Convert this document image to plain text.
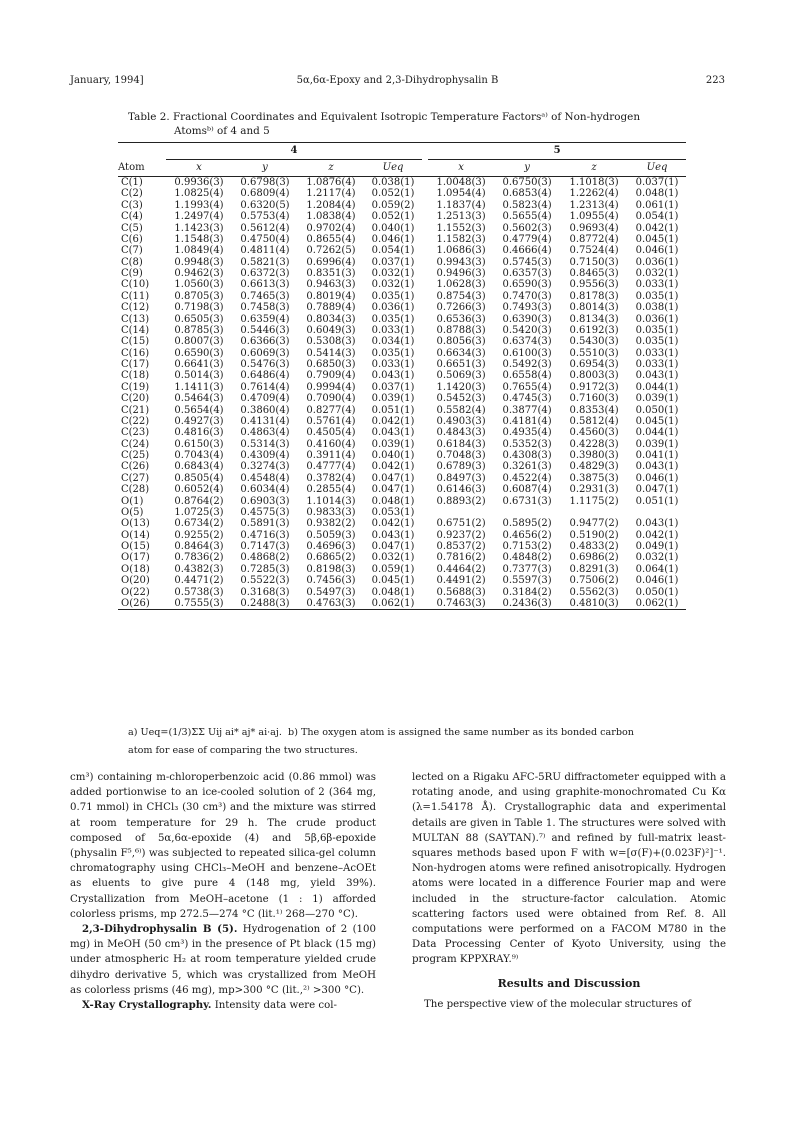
January, 1994]	5α,6α-Epoxy and 2,3-Dihydrophysalin B	223
Table 2. Fractional Coordinates and Equivalent Isotropic Temperature Factorsᵃ⁾ of Non-hydrogen
Atomsᵇ⁾ of 4 and 5

	4					5			

Atom	x	y	z	Ueq		x	y	z	Ueq
C(1)	0.9936(3)	0.6798(3)	1.0876(4)	0.038(1)		1.0048(3)	0.6750(3)	1.1018(3)	0.037(1)
C(2)	1.0825(4)	0.6809(4)	1.2117(4)	0.052(1)		1.0954(4)	0.6853(4)	1.2262(4)	0.048(1)
C(3)	1.1993(4)	0.6320(5)	1.2084(4)	0.059(2)		1.1837(4)	0.5823(4)	1.2313(4)	0.061(1)
C(4)	1.2497(4)	0.5753(4)	1.0838(4)	0.052(1)		1.2513(3)	0.5655(4)	1.0955(4)	0.054(1)
C(5)	1.1423(3)	0.5612(4)	0.9702(4)	0.040(1)		1.1552(3)	0.5602(3)	0.9693(4)	0.042(1)
C(6)	1.1548(3)	0.4750(4)	0.8655(4)	0.046(1)		1.1582(3)	0.4779(4)	0.8772(4)	0.045(1)
C(7)	1.0849(4)	0.4811(4)	0.7262(5)	0.054(1)		1.0686(3)	0.4666(4)	0.7524(4)	0.046(1)
C(8)	0.9948(3)	0.5821(3)	0.6996(4)	0.037(1)		0.9943(3)	0.5745(3)	0.7150(3)	0.036(1)
C(9)	0.9462(3)	0.6372(3)	0.8351(3)	0.032(1)		0.9496(3)	0.6357(3)	0.8465(3)	0.032(1)
C(10)	1.0560(3)	0.6613(3)	0.9463(3)	0.032(1)		1.0628(3)	0.6590(3)	0.9556(3)	0.033(1)
C(11)	0.8705(3)	0.7465(3)	0.8019(4)	0.035(1)		0.8754(3)	0.7470(3)	0.8178(3)	0.035(1)
C(12)	0.7198(3)	0.7458(3)	0.7889(4)	0.036(1)		0.7266(3)	0.7493(3)	0.8014(3)	0.038(1)
C(13)	0.6505(3)	0.6359(4)	0.8034(3)	0.035(1)		0.6536(3)	0.6390(3)	0.8134(3)	0.036(1)
C(14)	0.8785(3)	0.5446(3)	0.6049(3)	0.033(1)		0.8788(3)	0.5420(3)	0.6192(3)	0.035(1)
C(15)	0.8007(3)	0.6366(3)	0.5308(3)	0.034(1)		0.8056(3)	0.6374(3)	0.5430(3)	0.035(1)
C(16)	0.6590(3)	0.6069(3)	0.5414(3)	0.035(1)		0.6634(3)	0.6100(3)	0.5510(3)	0.033(1)
C(17)	0.6641(3)	0.5476(3)	0.6850(3)	0.033(1)		0.6651(3)	0.5492(3)	0.6954(3)	0.033(1)
C(18)	0.5014(3)	0.6486(4)	0.7909(4)	0.043(1)		0.5069(3)	0.6558(4)	0.8003(3)	0.043(1)
C(19)	1.1411(3)	0.7614(4)	0.9994(4)	0.037(1)		1.1420(3)	0.7655(4)	0.9172(3)	0.044(1)
C(20)	0.5464(3)	0.4709(4)	0.7090(4)	0.039(1)		0.5452(3)	0.4745(3)	0.7160(3)	0.039(1)
C(21)	0.5654(4)	0.3860(4)	0.8277(4)	0.051(1)		0.5582(4)	0.3877(4)	0.8353(4)	0.050(1)
C(22)	0.4927(3)	0.4131(4)	0.5761(4)	0.042(1)		0.4903(3)	0.4181(4)	0.5812(4)	0.045(1)
C(23)	0.4816(3)	0.4863(4)	0.4505(4)	0.043(1)		0.4843(3)	0.4935(4)	0.4560(3)	0.044(1)
C(24)	0.6150(3)	0.5314(3)	0.4160(4)	0.039(1)		0.6184(3)	0.5352(3)	0.4228(3)	0.039(1)
C(25)	0.7043(4)	0.4309(4)	0.3911(4)	0.040(1)		0.7048(3)	0.4308(3)	0.3980(3)	0.041(1)
C(26)	0.6843(4)	0.3274(3)	0.4777(4)	0.042(1)		0.6789(3)	0.3261(3)	0.4829(3)	0.043(1)
C(27)	0.8505(4)	0.4548(4)	0.3782(4)	0.047(1)		0.8497(3)	0.4522(4)	0.3875(3)	0.046(1)
C(28)	0.6052(4)	0.6034(4)	0.2855(4)	0.047(1)		0.6146(3)	0.6087(4)	0.2931(3)	0.047(1)
O(1)	0.8764(2)	0.6903(3)	1.1014(3)	0.048(1)		0.8893(2)	0.6731(3)	1.1175(2)	0.051(1)
O(5)	1.0725(3)	0.4575(3)	0.9833(3)	0.053(1)					
O(13)	0.6734(2)	0.5891(3)	0.9382(2)	0.042(1)		0.6751(2)	0.5895(2)	0.9477(2)	0.043(1)
O(14)	0.9255(2)	0.4716(3)	0.5059(3)	0.043(1)		0.9237(2)	0.4656(2)	0.5190(2)	0.042(1)
O(15)	0.8464(3)	0.7147(3)	0.4696(3)	0.047(1)		0.8537(2)	0.7153(2)	0.4833(2)	0.049(1)
O(17)	0.7836(2)	0.4868(2)	0.6865(2)	0.032(1)		0.7816(2)	0.4848(2)	0.6986(2)	0.032(1)
O(18)	0.4382(3)	0.7285(3)	0.8198(3)	0.059(1)		0.4464(2)	0.7377(3)	0.8291(3)	0.064(1)
O(20)	0.4471(2)	0.5522(3)	0.7456(3)	0.045(1)		0.4491(2)	0.5597(3)	0.7506(2)	0.046(1)
O(22)	0.5738(3)	0.3168(3)	0.5497(3)	0.048(1)		0.5688(3)	0.3184(2)	0.5562(3)	0.050(1)
O(26)	0.7555(3)	0.2488(3)	0.4763(3)	0.062(1)		0.7463(3)	0.2436(3)	0.4810(3)	0.062(1)
a) Ueq=(1/3)ΣΣ Uij ai* aj* ai·aj. b) The oxygen atom is assigned the same number as its bonded carbon
atom for ease of comparing the two structures.

cm³) containing m-chloroperbenzoic acid (0.86 mmol) was added portionwise to an ice-cooled solution of 2 (364 mg, 0.71 mmol) in CHCl₃ (30 cm³) and the mixture was stirred at room temperature for 29 h. The crude product composed of 5α,6α-epoxide (4) and 5β,6β-epoxide (physalin F⁵,⁶⁾) was subjected to repeated silica-gel column chromatography using CHCl₃–MeOH and benzene–AcOEt as eluents to give pure 4 (148 mg, yield 39%). Crystallization from MeOH–acetone (1 : 1) afforded colorless prisms, mp 272.5—274 °C (lit.¹⁾ 268—270 °C).

2,3-Dihydrophysalin B (5). Hydrogenation of 2 (100 mg) in MeOH (50 cm³) in the presence of Pt black (15 mg) under atmospheric H₂ at room temperature yielded crude dihydro derivative 5, which was crystallized from MeOH as colorless prisms (46 mg), mp>300 °C (lit.,²⁾ >300 °C).

X-Ray Crystallography. Intensity data were col-

lected on a Rigaku AFC-5RU diffractometer equipped with a rotating anode, and using graphite-monochromated Cu Kα (λ=1.54178 Å). Crystallographic data and experimental details are given in Table 1. The structures were solved with MULTAN 88 (SAYTAN).⁷⁾ and refined by full-matrix least-squares methods based upon F with w=[σ(F)+(0.023F)²]⁻¹. Non-hydrogen atoms were refined anisotropically. Hydrogen atoms were located in a difference Fourier map and were included in the structure-factor calculation. Atomic scattering factors used were obtained from Ref. 8. All computations were performed on a FACOM M780 in the Data Processing Center of Kyoto University, using the program KPPXRAY.⁹⁾

Results and Discussion

The perspective view of the molecular structures of
